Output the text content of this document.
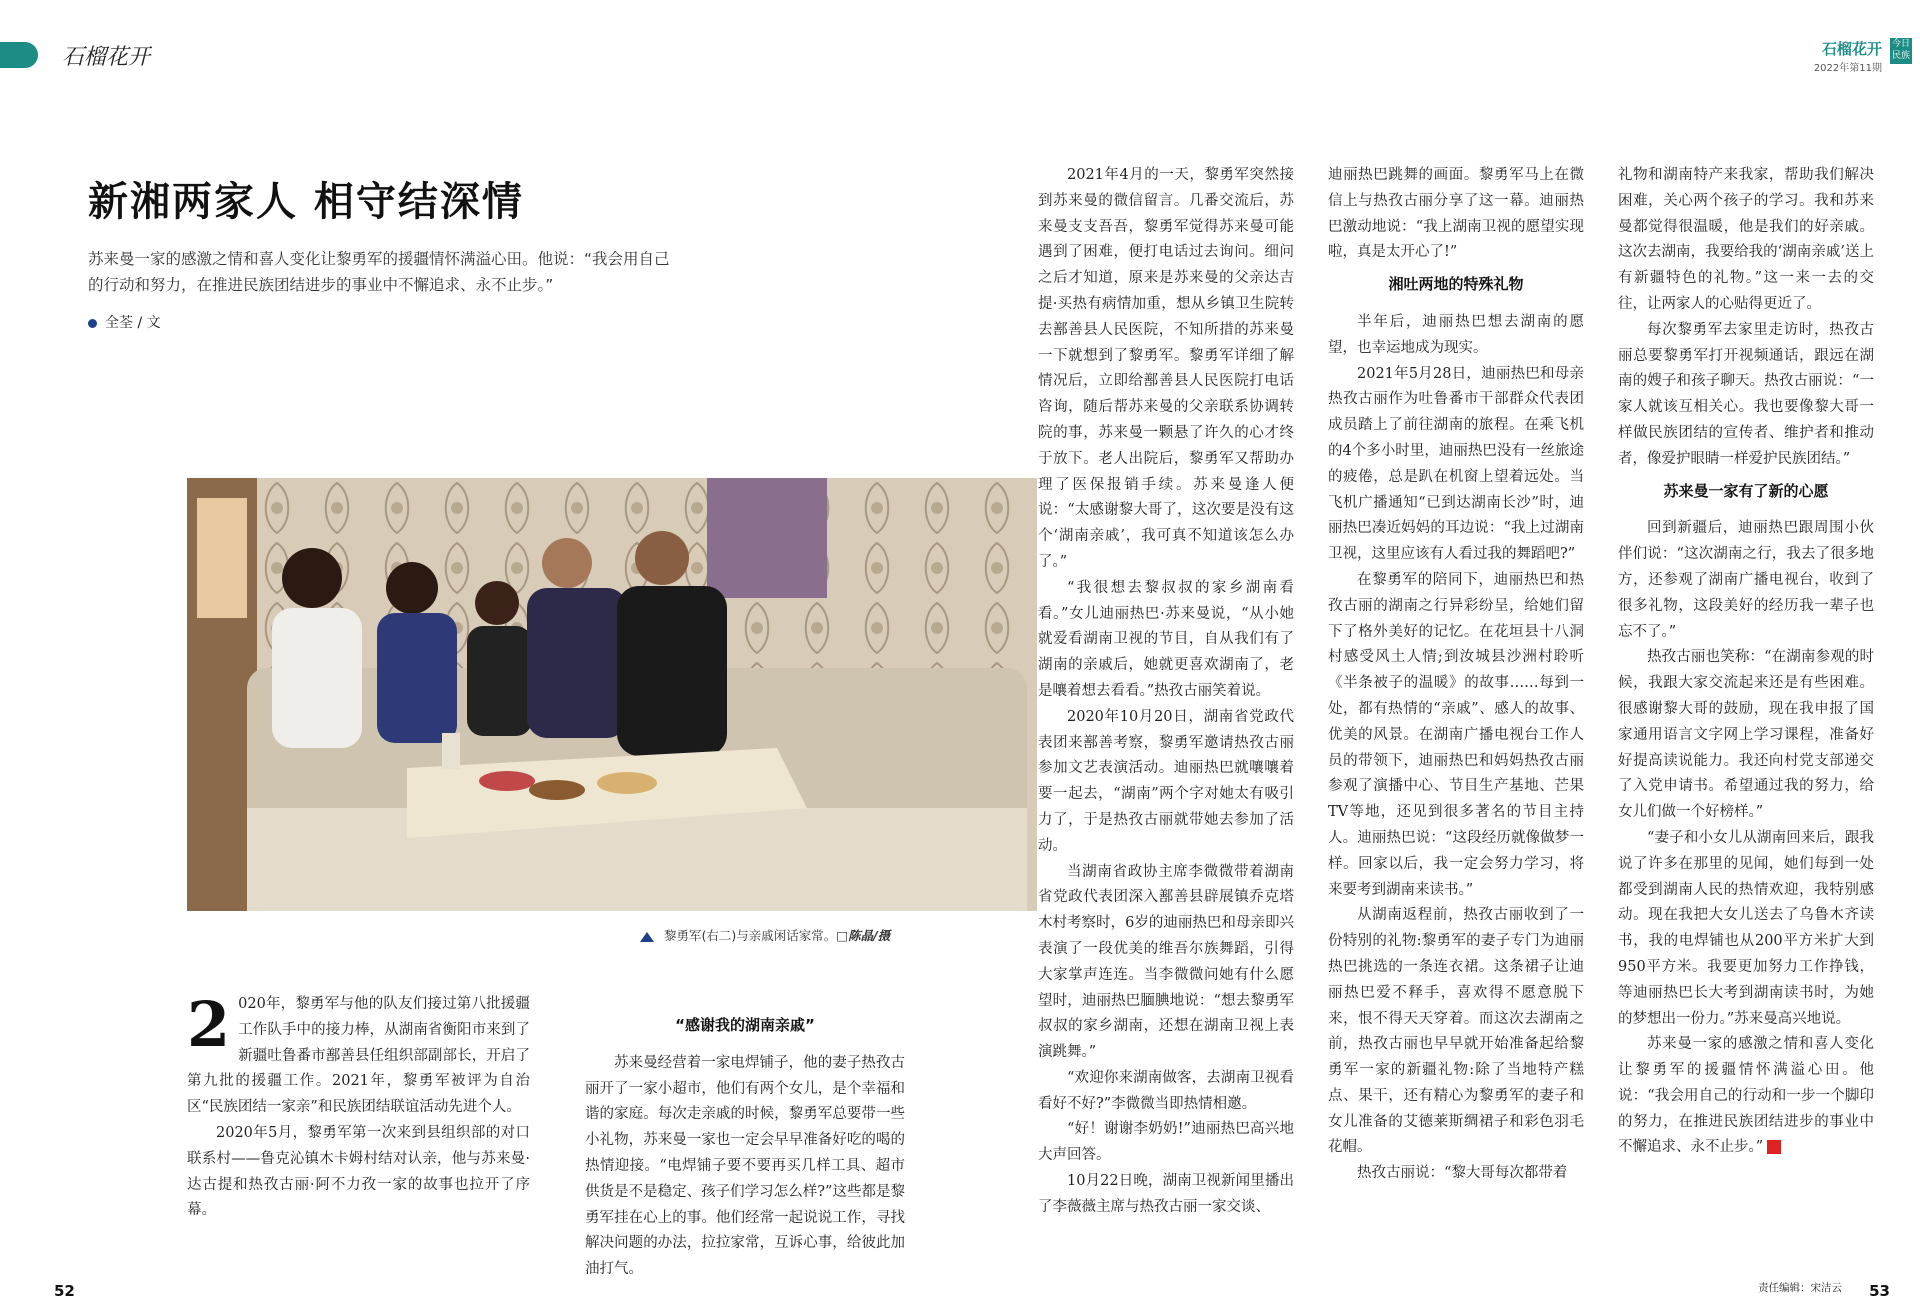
石榴花开	石榴花开
2022年第11期
今日民族
新湘两家人 相守结深情
苏来曼一家的感激之情和喜人变化让黎勇军的援疆情怀满溢心田。他说：“我会用自己的行动和努力，在推进民族团结进步的事业中不懈追求、永不止步。”
全荃 / 文
黎勇军(右二)与亲戚闲话家常。□陈晶/摄

2 020年，黎勇军与他的队友们接过第八批援疆工作队手中的接力棒，从湖南省衡阳市来到了新疆吐鲁番市鄯善县任组织部副部长，开启了第九批的援疆工作。2021年，黎勇军被评为自治区“民族团结一家亲”和民族团结联谊活动先进个人。

2020年5月，黎勇军第一次来到县组织部的对口联系村——鲁克沁镇木卡姆村结对认亲，他与苏来曼·达古提和热孜古丽·阿不力孜一家的故事也拉开了序幕。

“感谢我的湖南亲戚”

苏来曼经营着一家电焊铺子，他的妻子热孜古丽开了一家小超市，他们有两个女儿，是个幸福和谐的家庭。每次走亲戚的时候，黎勇军总要带一些小礼物，苏来曼一家也一定会早早准备好吃的喝的热情迎接。“电焊铺子要不要再买几样工具、超市供货是不是稳定、孩子们学习怎么样?”这些都是黎勇军挂在心上的事。他们经常一起说说工作，寻找解决问题的办法，拉拉家常，互诉心事，给彼此加油打气。

2021年4月的一天，黎勇军突然接到苏来曼的微信留言。几番交流后，苏来曼支支吾吾，黎勇军觉得苏来曼可能遇到了困难，便打电话过去询问。细问之后才知道，原来是苏来曼的父亲达吉提·买热有病情加重，想从乡镇卫生院转去鄯善县人民医院，不知所措的苏来曼一下就想到了黎勇军。黎勇军详细了解情况后，立即给鄯善县人民医院打电话咨询，随后帮苏来曼的父亲联系协调转院的事，苏来曼一颗悬了许久的心才终于放下。老人出院后，黎勇军又帮助办理了医保报销手续。苏来曼逢人便说：“太感谢黎大哥了，这次要是没有这个‘湖南亲戚’，我可真不知道该怎么办了。”

“我很想去黎叔叔的家乡湖南看看。”女儿迪丽热巴·苏来曼说，“从小她就爱看湖南卫视的节目，自从我们有了湖南的亲戚后，她就更喜欢湖南了，老是嚷着想去看看。”热孜古丽笑着说。

2020年10月20日，湖南省党政代表团来鄯善考察，黎勇军邀请热孜古丽参加文艺表演活动。迪丽热巴就嚷嚷着要一起去，“湖南”两个字对她太有吸引力了，于是热孜古丽就带她去参加了活动。

当湖南省政协主席李微微带着湖南省党政代表团深入鄯善县辟展镇乔克塔木村考察时，6岁的迪丽热巴和母亲即兴表演了一段优美的维吾尔族舞蹈，引得大家掌声连连。当李微微问她有什么愿望时，迪丽热巴腼腆地说：“想去黎勇军叔叔的家乡湖南，还想在湖南卫视上表演跳舞。”

“欢迎你来湖南做客，去湖南卫视看看好不好?”李微微当即热情相邀。

“好！谢谢李奶奶!”迪丽热巴高兴地大声回答。

10月22日晚，湖南卫视新闻里播出了李薇薇主席与热孜古丽一家交谈、

迪丽热巴跳舞的画面。黎勇军马上在微信上与热孜古丽分享了这一幕。迪丽热巴激动地说：“我上湖南卫视的愿望实现啦，真是太开心了!”

湘吐两地的特殊礼物

半年后，迪丽热巴想去湖南的愿望，也幸运地成为现实。

2021年5月28日，迪丽热巴和母亲热孜古丽作为吐鲁番市干部群众代表团成员踏上了前往湖南的旅程。在乘飞机的4个多小时里，迪丽热巴没有一丝旅途的疲倦，总是趴在机窗上望着远处。当飞机广播通知“已到达湖南长沙”时，迪丽热巴凑近妈妈的耳边说：“我上过湖南卫视，这里应该有人看过我的舞蹈吧?”

在黎勇军的陪同下，迪丽热巴和热孜古丽的湖南之行异彩纷呈，给她们留下了格外美好的记忆。在花垣县十八洞村感受风土人情;到汝城县沙洲村聆听《半条被子的温暖》的故事……每到一处，都有热情的“亲戚”、感人的故事、优美的风景。在湖南广播电视台工作人员的带领下，迪丽热巴和妈妈热孜古丽参观了演播中心、节目生产基地、芒果TV等地，还见到很多著名的节目主持人。迪丽热巴说：“这段经历就像做梦一样。回家以后，我一定会努力学习，将来要考到湖南来读书。”

从湖南返程前，热孜古丽收到了一份特别的礼物:黎勇军的妻子专门为迪丽热巴挑选的一条连衣裙。这条裙子让迪丽热巴爱不释手，喜欢得不愿意脱下来，恨不得天天穿着。而这次去湖南之前，热孜古丽也早早就开始准备起给黎勇军一家的新疆礼物:除了当地特产糕点、果干，还有精心为黎勇军的妻子和女儿准备的艾德莱斯绸裙子和彩色羽毛花帽。

热孜古丽说：“黎大哥每次都带着

礼物和湖南特产来我家，帮助我们解决困难，关心两个孩子的学习。我和苏来曼都觉得很温暖，他是我们的好亲戚。这次去湖南，我要给我的‘湖南亲戚’送上有新疆特色的礼物。”这一来一去的交往，让两家人的心贴得更近了。

每次黎勇军去家里走访时，热孜古丽总要黎勇军打开视频通话，跟远在湖南的嫂子和孩子聊天。热孜古丽说：“一家人就该互相关心。我也要像黎大哥一样做民族团结的宣传者、维护者和推动者，像爱护眼睛一样爱护民族团结。”

苏来曼一家有了新的心愿

回到新疆后，迪丽热巴跟周围小伙伴们说：“这次湖南之行，我去了很多地方，还参观了湖南广播电视台，收到了很多礼物，这段美好的经历我一辈子也忘不了。”

热孜古丽也笑称：“在湖南参观的时候，我跟大家交流起来还是有些困难。很感谢黎大哥的鼓励，现在我申报了国家通用语言文字网上学习课程，准备好好提高读说能力。我还向村党支部递交了入党申请书。希望通过我的努力，给女儿们做一个好榜样。”

“妻子和小女儿从湖南回来后，跟我说了许多在那里的见闻，她们每到一处都受到湖南人民的热情欢迎，我特别感动。现在我把大女儿送去了乌鲁木齐读书，我的电焊铺也从200平方米扩大到950平方米。我要更加努力工作挣钱，等迪丽热巴长大考到湖南读书时，为她的梦想出一份力。”苏来曼高兴地说。

苏来曼一家的感激之情和喜人变化让黎勇军的援疆情怀满溢心田。他说：“我会用自己的行动和一步一个脚印的努力，在推进民族团结进步的事业中不懈追求、永不止步。”

52	53
责任编辑：宋洁云
